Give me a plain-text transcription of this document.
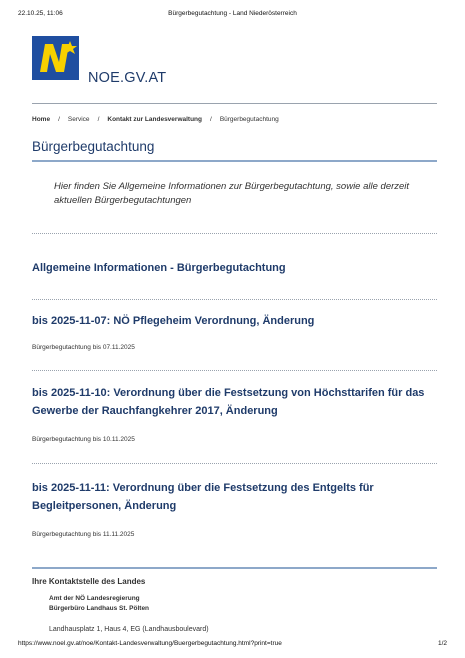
22.10.25, 11:06	Bürgerbegutachtung - Land Niederösterreich
NOE.GV.AT
Home / Service / Kontakt zur Landesverwaltung / Bürgerbegutachtung
Bürgerbegutachtung
Hier finden Sie Allgemeine Informationen zur Bürgerbegutachtung, sowie alle derzeit aktuellen Bürgerbegutachtungen
Allgemeine Informationen - Bürgerbegutachtung
bis 2025-11-07: NÖ Pflegeheim Verordnung, Änderung
Bürgerbegutachtung bis 07.11.2025
bis 2025-11-10: Verordnung über die Festsetzung von Höchsttarifen für das Gewerbe der Rauchfangkehrer 2017, Änderung
Bürgerbegutachtung bis 10.11.2025
bis 2025-11-11: Verordnung über die Festsetzung des Entgelts für Begleitpersonen, Änderung
Bürgerbegutachtung bis 11.11.2025
Ihre Kontaktstelle des Landes
Amt der NÖ Landesregierung
Bürgerbüro Landhaus St. Pölten
Landhausplatz 1, Haus 4, EG (Landhausboulevard)
https://www.noel.gv.at/noe/Kontakt-Landesverwaltung/Buergerbegutachtung.html?print=true	1/2
